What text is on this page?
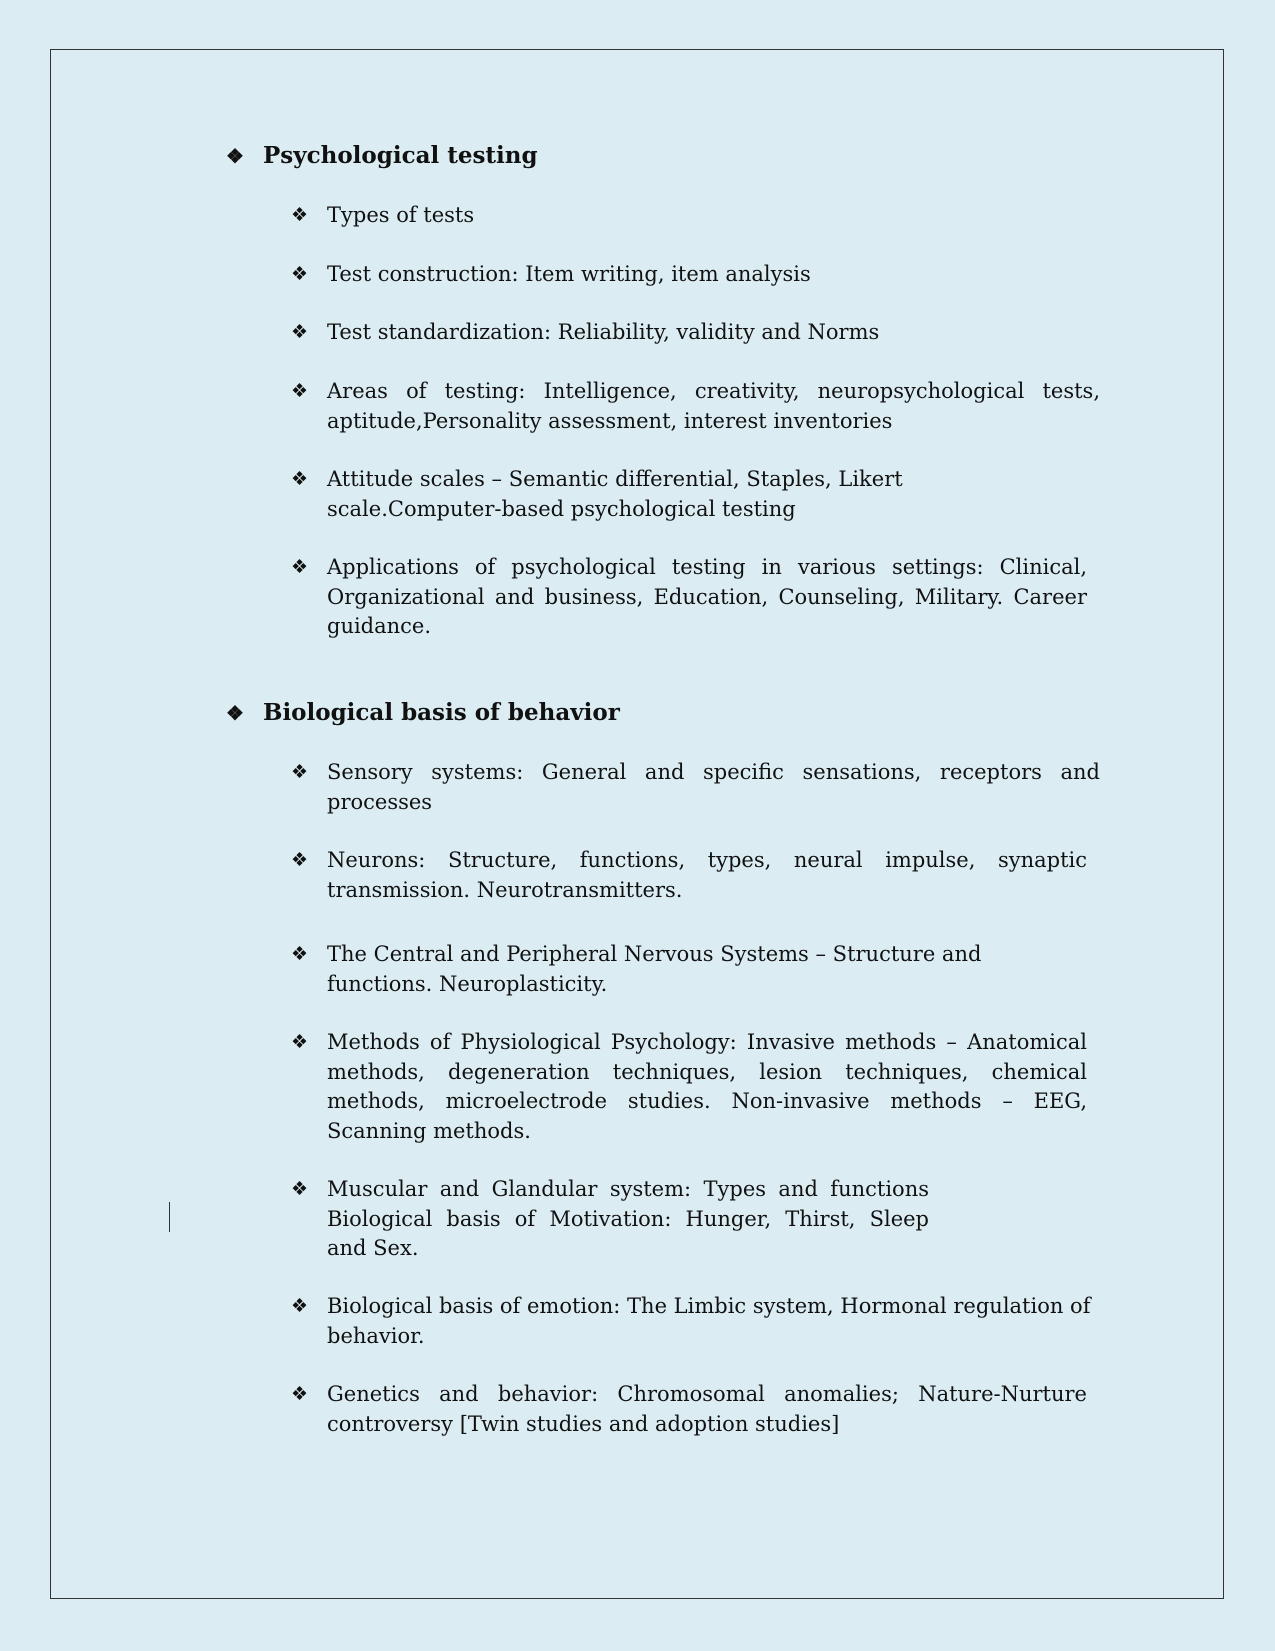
❖ Psychological testing
❖ Types of tests
❖ Test construction: Item writing, item analysis
❖ Test standardization: Reliability, validity and Norms
❖ Areas of testing: Intelligence, creativity, neuropsychological tests, aptitude,Personality assessment, interest inventories
❖ Attitude scales – Semantic differential, Staples, Likert scale.Computer-based psychological testing
❖ Applications of psychological testing in various settings: Clinical, Organizational and business, Education, Counseling, Military. Career guidance.
❖ Biological basis of behavior
❖ Sensory systems: General and specific sensations, receptors and processes
❖ Neurons: Structure, functions, types, neural impulse, synaptic transmission. Neurotransmitters.
❖ The Central and Peripheral Nervous Systems – Structure and functions. Neuroplasticity.
❖ Methods of Physiological Psychology: Invasive methods – Anatomical methods, degeneration techniques, lesion techniques, chemical methods, microelectrode studies. Non-invasive methods – EEG, Scanning methods.
❖ Muscular and Glandular system: Types and functions Biological basis of Motivation: Hunger, Thirst, Sleep and Sex.
❖ Biological basis of emotion: The Limbic system, Hormonal regulation of behavior.
❖ Genetics and behavior: Chromosomal anomalies; Nature-Nurture controversy [Twin studies and adoption studies]
